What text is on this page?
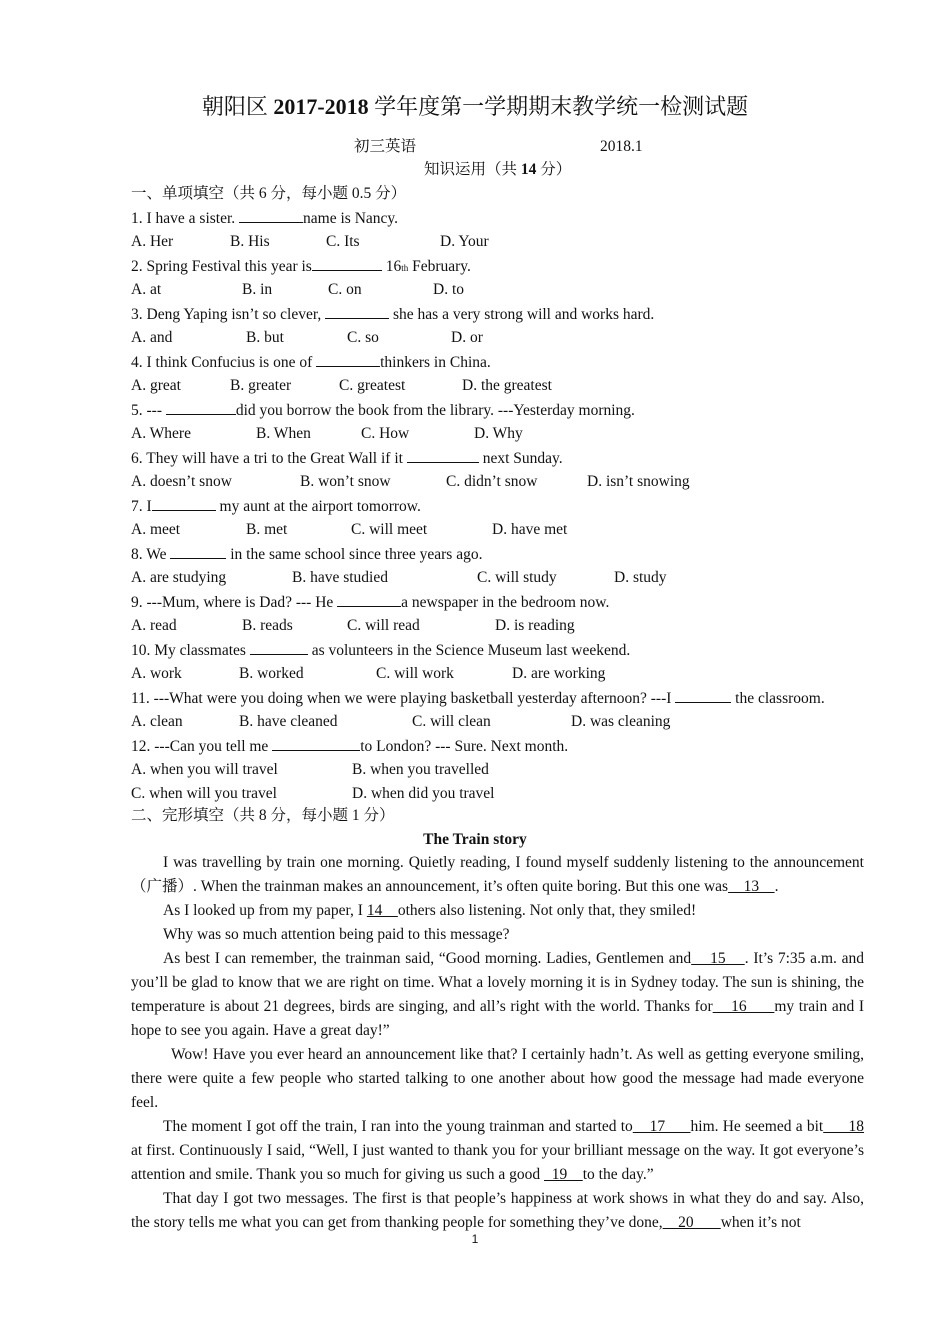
朝阳区 2017-2018 学年度第一学期期末教学统一检测试题
初三英语	2018.1
知识运用（共 14 分）
一、单项填空（共 6 分，每小题 0.5 分）
1. I have a sister.	name is Nancy.
A. Her	B. His	C. Its	D. Your
2. Spring Festival this year is	16th February.
A. at	B. in	C. on	D. to
3. Deng Yaping isn’t so clever,	she has a very strong will and works hard.
A. and	B. but	C. so	D. or
4. I think Confucius is one of	thinkers in China.
A. great	B. greater	C. greatest	D. the greatest
5. ---	did you borrow the book from the library. ---Yesterday morning.
A. Where	B. When	C. How	D. Why
6. They will have a tri to the Great Wall if it	next Sunday.
A. doesn’t snow	B. won’t snow	C. didn’t snow	D. isn’t snowing
7. I	my aunt at the airport tomorrow.
A. meet	B. met	C. will meet	D. have met
8. We	in the same school since three years ago.
A. are studying	B. have studied	C. will study	D. study
9. ---Mum, where is Dad? --- He	a newspaper in the bedroom now.
A. read	B. reads	C. will read	D. is reading
10. My classmates	as volunteers in the Science Museum last weekend.
A. work	B. worked	C. will work	D. are working
11. ---What were you doing when we were playing basketball yesterday afternoon? ---I	the classroom.
A. clean	B. have cleaned	C. will clean	D. was cleaning
12. ---Can you tell me	to London? --- Sure. Next month.
A. when you will travel	B. when you travelled
C. when will you travel	D. when did you travel
二、完形填空（共 8 分，每小题 1 分）
The Train story

I was travelling by train one morning. Quietly reading, I found myself suddenly listening to the announcement （广播）. When the trainman makes an announcement, it’s often quite boring. But this one was    13    .

As I looked up from my paper, I 14    others also listening. Not only that, they smiled!

Why was so much attention being paid to this message?

As best I can remember, the trainman said, “Good morning. Ladies, Gentlemen and    15    . It’s 7:35 a.m. and you’ll be glad to know that we are right on time. What a lovely morning it is in Sydney today. The sun is shining, the temperature is about 21 degrees, birds are singing, and all’s right with the world. Thanks for    16      my train and I hope to see you again. Have a great day!”

Wow! Have you ever heard an announcement like that? I certainly hadn’t. As well as getting everyone smiling, there were quite a few people who started talking to one another about how good the message had made everyone feel.

The moment I got off the train, I ran into the young trainman and started to    17      him. He seemed a bit      18 at first. Continuously I said, “Well, I just wanted to thank you for your brilliant message on the way. It got everyone’s attention and smile. Thank you so much for giving us such a good   19    to the day.”

That day I got two messages. The first is that people’s happiness at work shows in what they do and say. Also, the story tells me what you can get from thanking people for something they’ve done,    20       when it’s not

1
